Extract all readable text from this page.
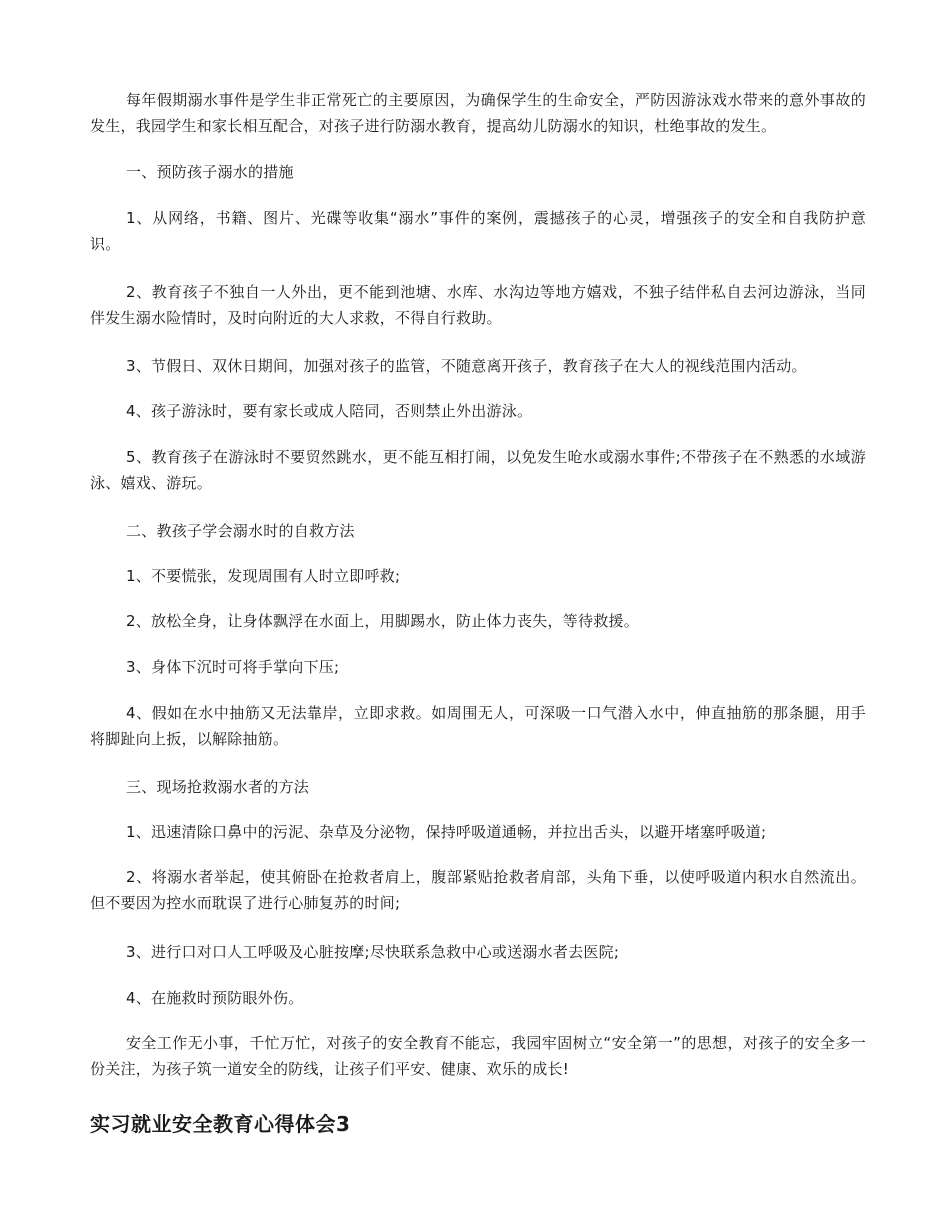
每年假期溺水事件是学生非正常死亡的主要原因，为确保学生的生命安全，严防因游泳戏水带来的意外事故的发生，我园学生和家长相互配合，对孩子进行防溺水教育，提高幼儿防溺水的知识，杜绝事故的发生。

一、预防孩子溺水的措施

1、从网络，书籍、图片、光碟等收集“溺水”事件的案例，震撼孩子的心灵，增强孩子的安全和自我防护意识。

2、教育孩子不独自一人外出，更不能到池塘、水库、水沟边等地方嬉戏，不独子结伴私自去河边游泳，当同伴发生溺水险情时，及时向附近的大人求救，不得自行救助。

3、节假日、双休日期间，加强对孩子的监管，不随意离开孩子，教育孩子在大人的视线范围内活动。

4、孩子游泳时，要有家长或成人陪同，否则禁止外出游泳。

5、教育孩子在游泳时不要贸然跳水，更不能互相打闹，以免发生呛水或溺水事件;不带孩子在不熟悉的水域游泳、嬉戏、游玩。

二、教孩子学会溺水时的自救方法

1、不要慌张，发现周围有人时立即呼救;

2、放松全身，让身体飘浮在水面上，用脚踢水，防止体力丧失，等待救援。

3、身体下沉时可将手掌向下压;

4、假如在水中抽筋又无法靠岸，立即求救。如周围无人，可深吸一口气潜入水中，伸直抽筋的那条腿，用手将脚趾向上扳，以解除抽筋。

三、现场抢救溺水者的方法

1、迅速清除口鼻中的污泥、杂草及分泌物，保持呼吸道通畅，并拉出舌头，以避开堵塞呼吸道;

2、将溺水者举起，使其俯卧在抢救者肩上，腹部紧贴抢救者肩部，头角下垂，以使呼吸道内积水自然流出。但不要因为控水而耽误了进行心肺复苏的时间;

3、进行口对口人工呼吸及心脏按摩;尽快联系急救中心或送溺水者去医院;

4、在施救时预防眼外伤。

安全工作无小事，千忙万忙，对孩子的安全教育不能忘，我园牢固树立“安全第一”的思想，对孩子的安全多一份关注，为孩子筑一道安全的防线，让孩子们平安、健康、欢乐的成长!

实习就业安全教育心得体会3
